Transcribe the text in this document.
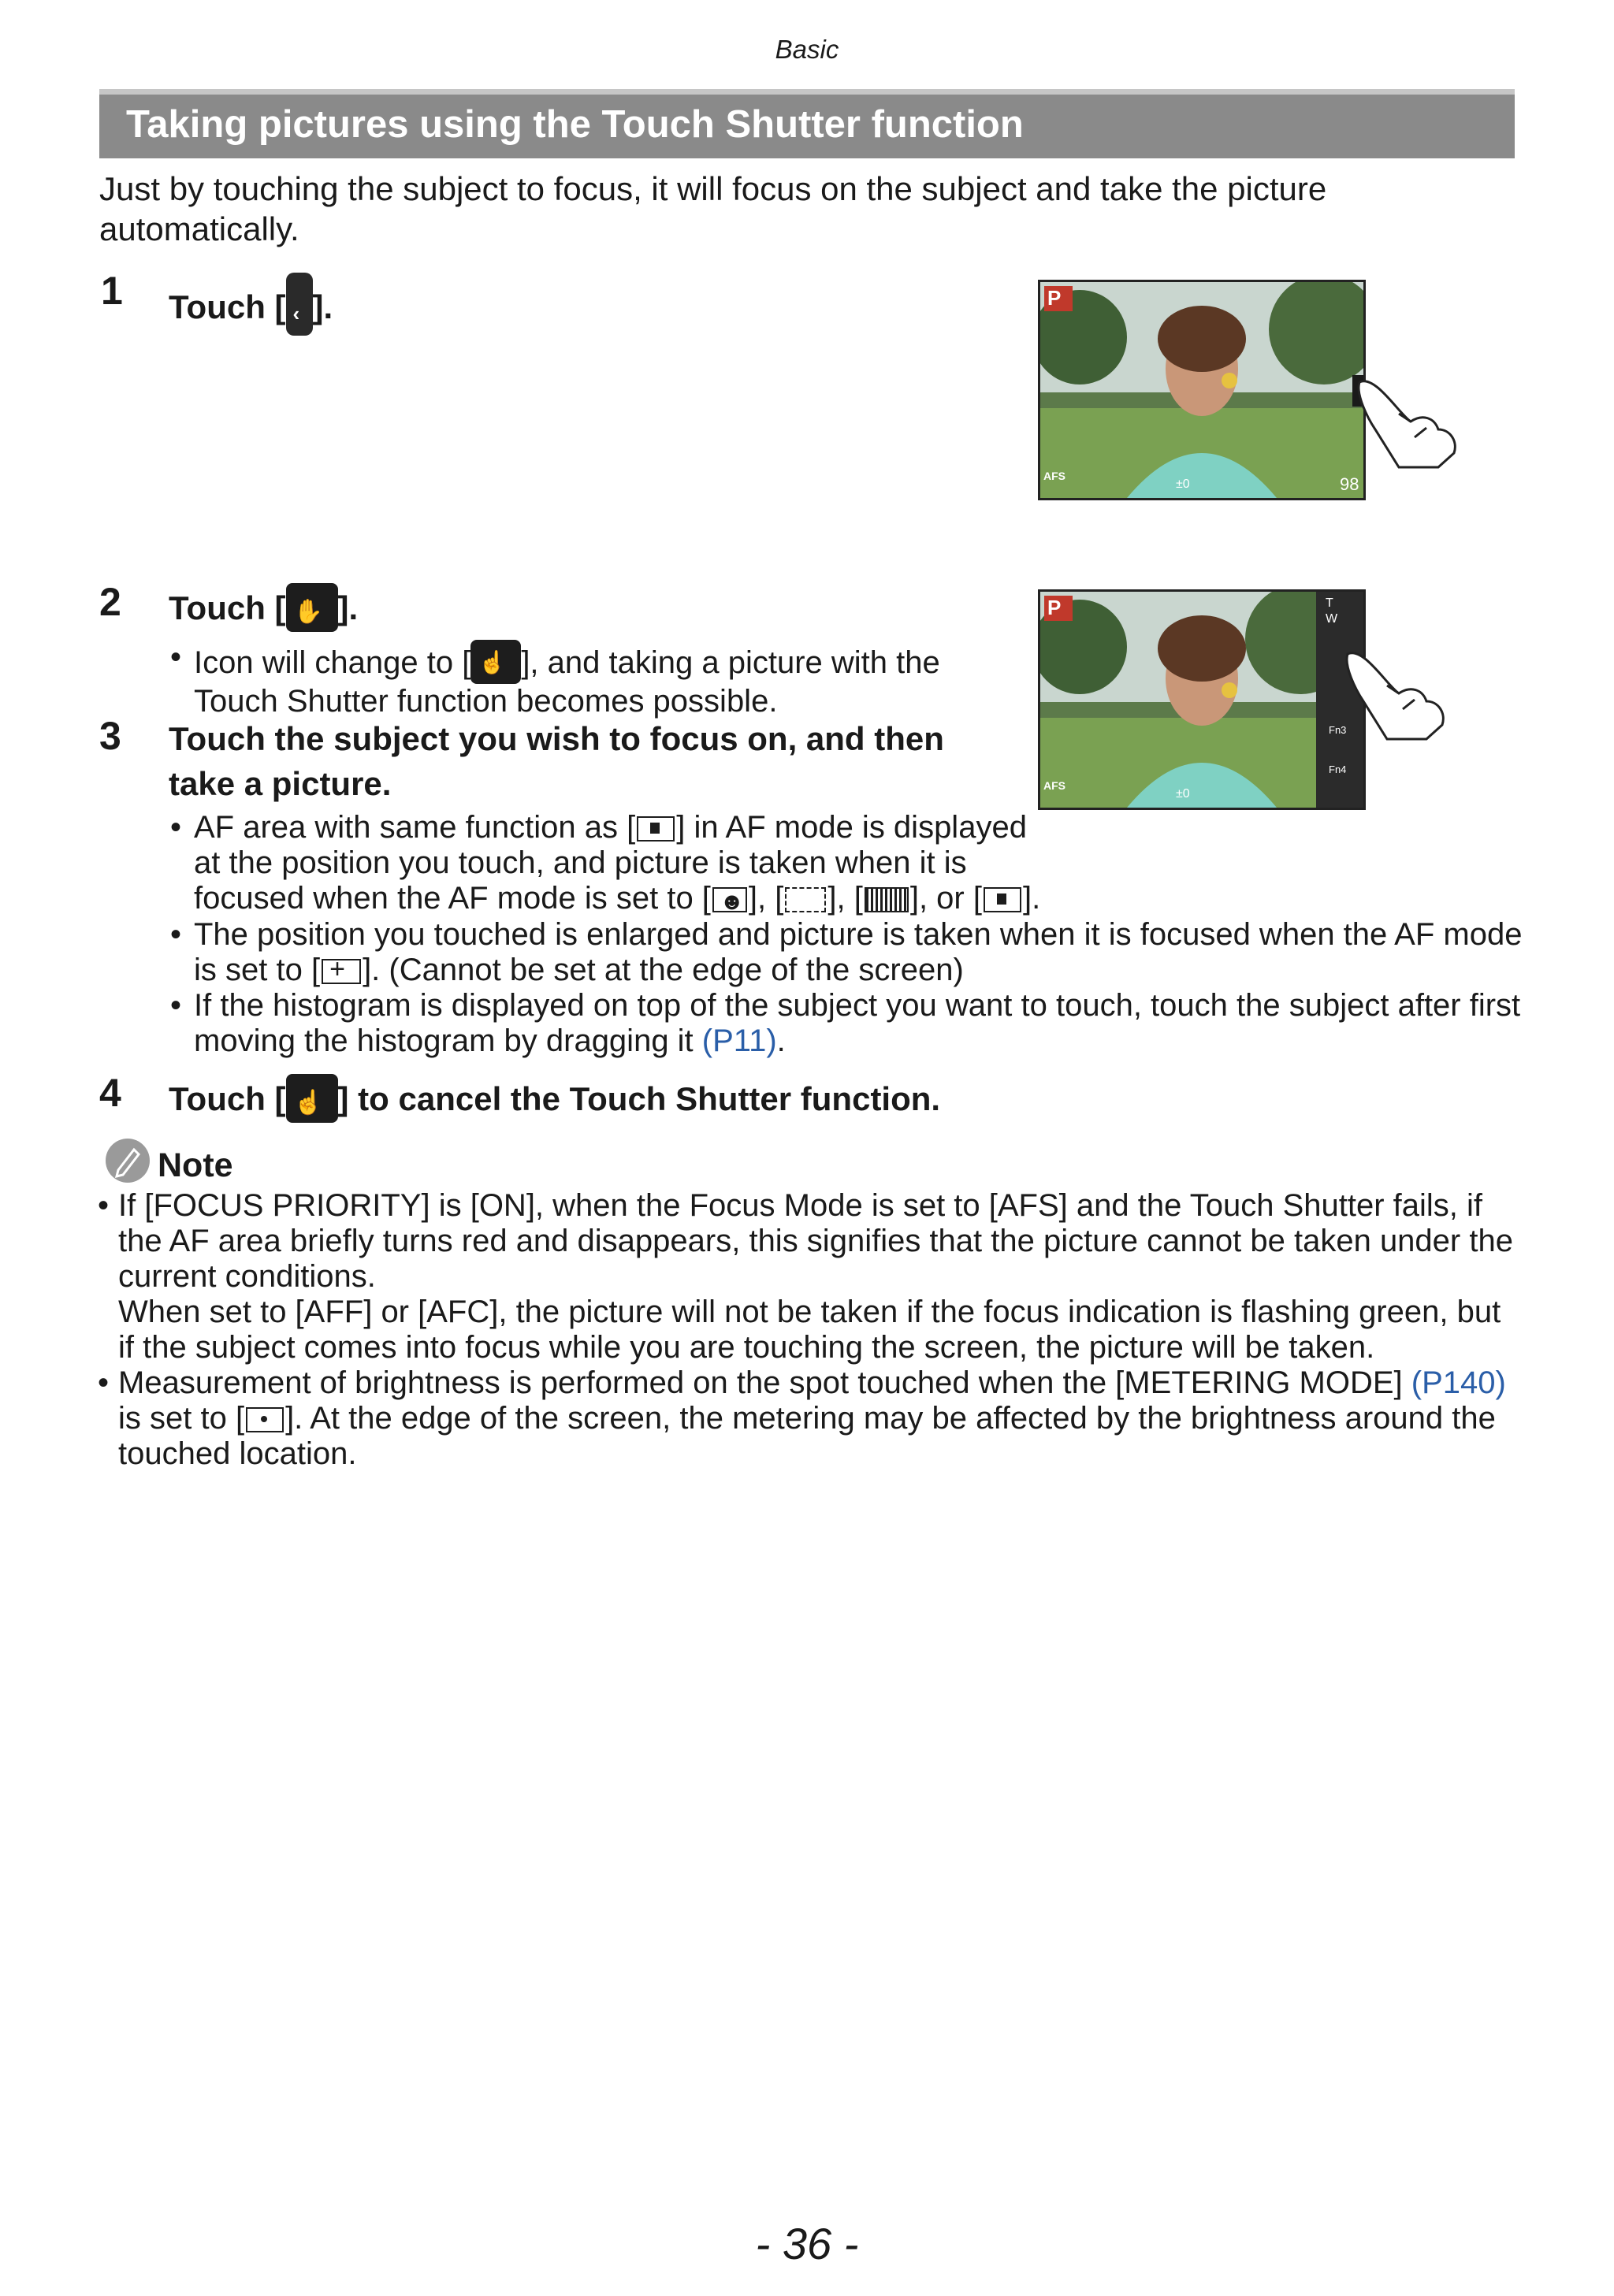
Basic
Taking pictures using the Touch Shutter function
Just by touching the subject to focus, it will focus on the subject and take the picture automatically.
1 Touch [ ‹ ].	P
AFS
±0	98
2 Touch [ ✋ ].
• Icon will change to [ ☝ ], and taking a picture with the Touch Shutter function becomes possible.
P
AFS
±0
T
W
Fn3
Fn4
3 Touch the subject you wish to focus on, and then take a picture.
• AF area with same function as [ ] in AF mode is displayed at the position you touch, and picture is taken when it is focused when the AF mode is set to [ ☻ ], [ ], [ ], or [ ].
• The position you touched is enlarged and picture is taken when it is focused when the AF mode is set to [ + ]. (Cannot be set at the edge of the screen)
• If the histogram is displayed on top of the subject you want to touch, touch the subject after first moving the histogram by dragging it (P11).
4 Touch [ ☝ ] to cancel the Touch Shutter function.
Note
• If [FOCUS PRIORITY] is [ON], when the Focus Mode is set to [AFS] and the Touch Shutter fails, if the AF area briefly turns red and disappears, this signifies that the picture cannot be taken under the current conditions.
When set to [AFF] or [AFC], the picture will not be taken if the focus indication is flashing green, but if the subject comes into focus while you are touching the screen, the picture will be taken.
• Measurement of brightness is performed on the spot touched when the [METERING MODE] (P140) is set to [ ]. At the edge of the screen, the metering may be affected by the brightness around the touched location.
- 36 -
